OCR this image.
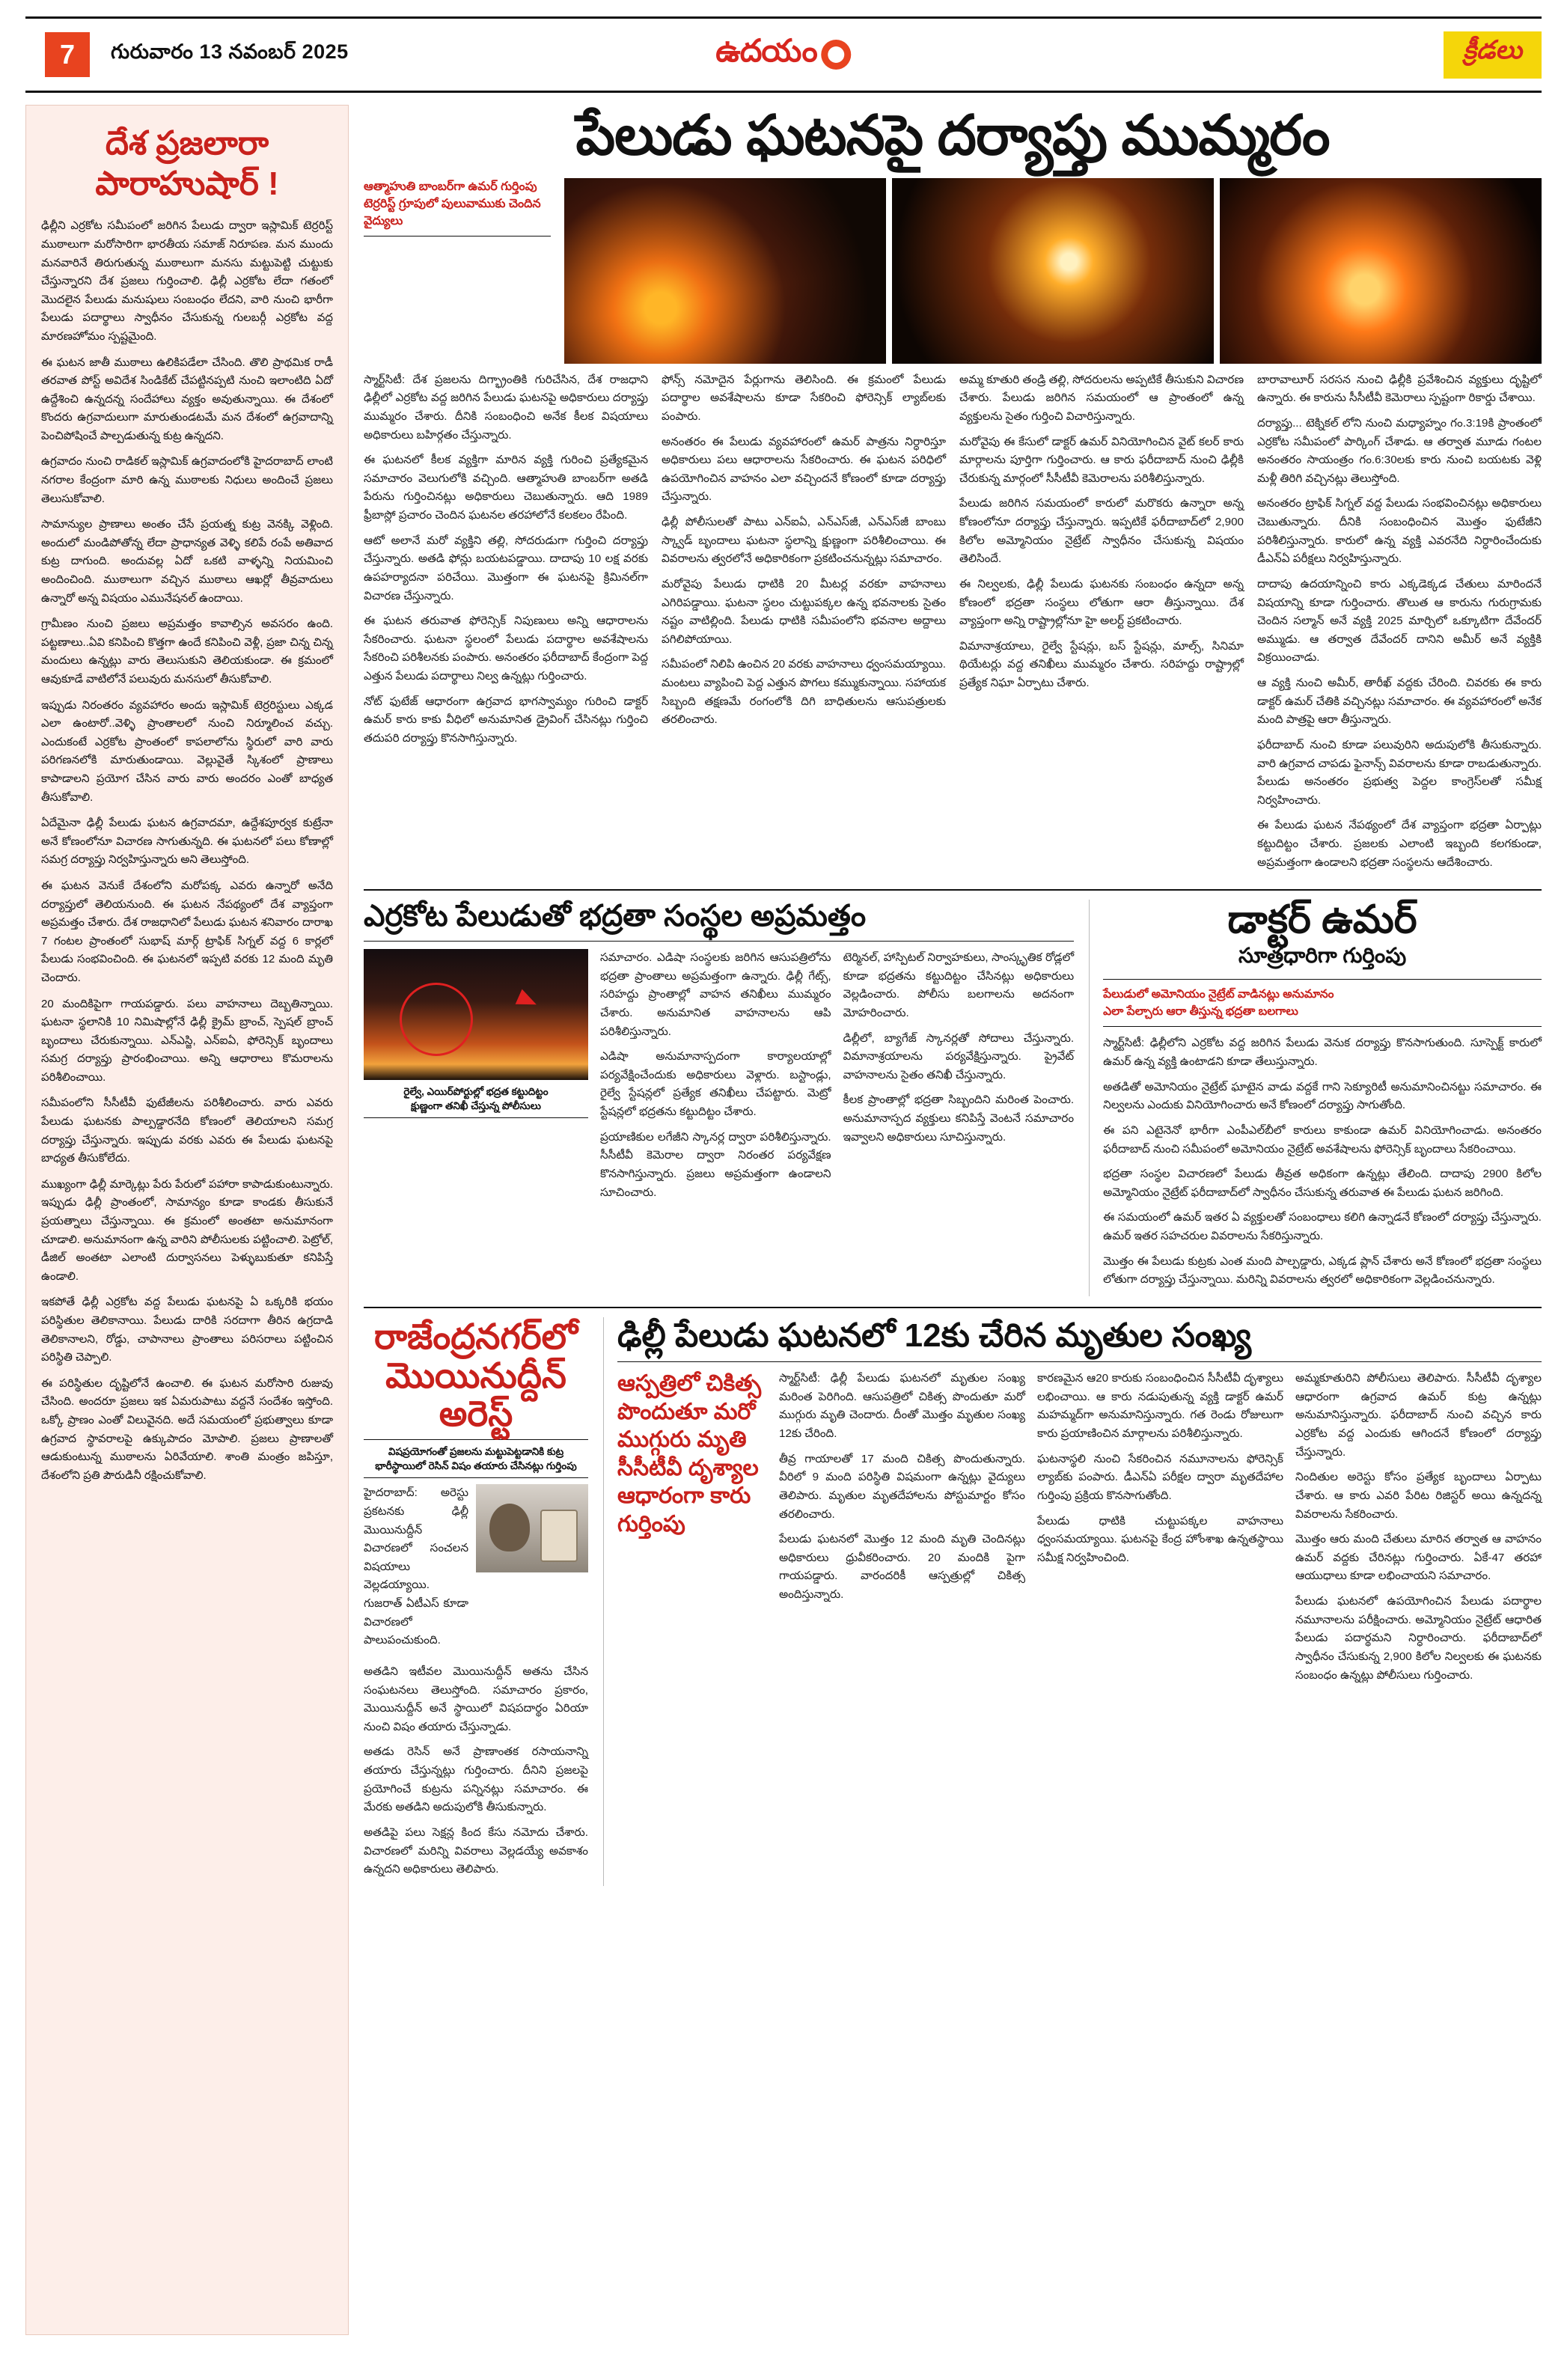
7	గురువారం 13 నవంబర్ 2025	ఉదయం	క్రీడలు
దేశ ప్రజలారా
పారాహుషార్ !

ఢిల్లీని ఎర్రకోట సమీపంలో జరిగిన పేలుడు ద్వారా ఇస్లామిక్ టెర్రరిస్ట్ ముఠాలుగా మరోసారిగా భారతీయ సమాజ్ నిరూపణ. మన ముందు మనవారినే తిరుగుతున్న ముఠాలుగా మనసు మట్టుపెట్టి చుట్టుకు చేస్తున్నారని దేశ ప్రజలు గుర్తించాలి. ఢిల్లీ ఎర్రకోట లేదా గతంలో మొదలైన పేలుడు మనుషులు సంబంధం లేదని, వారి నుంచి భారీగా పేలుడు పదార్థాలు స్వాధీనం చేసుకున్న గులబర్గీ ఎర్రకోట వద్ద మారణహోమం స్పష్టమైంది.

ఈ ఘటన జాతీ ముఠాలు ఉలికిపడేలా చేసింది. తొలి ప్రాథమిక రాడీ తరవాత పోస్ట్ అవిదేశ సిండికేట్ చేపట్టినప్పటి నుంచి ఇలాంటిది ఏదో ఉద్దేశించి ఉన్నదన్న సందేహాలు వ్యక్తం అవుతున్నాయి. ఈ దేశంలో కొందరు ఉగ్రవాదులుగా మారుతుండటమే మన దేశంలో ఉగ్రవాదాన్ని పెంచిపోషించే పాల్పడుతున్న కుట్ర ఉన్నదని.

ఉగ్రవాదం నుంచి రాడికల్ ఇస్లామిక్ ఉగ్రవాదంలోకి హైదరాబాద్ లాంటి నగరాల కేంద్రంగా మారి ఉన్న ముఠాలకు నిధులు అందించే ప్రజలు తెలుసుకోవాలి.

సామాన్యుల ప్రాణాలు అంతం చేసే ప్రయత్న కుట్ర వెనక్కి వెళ్లింది. అందులో మండిపోతోన్న లేదా ప్రాధాన్యత వెళ్ళి కలిపే రంపే అతివాద కుట్ర దాగుంది. అందువల్ల ఏదో ఒకటి వాళ్ళన్ని నియమించి అందించింది. ముఠాలుగా వచ్చిన ముఠాలు ఆఖర్లో తీవ్రవాదులు ఉన్నారో అన్న విషయం ఎమునేషనల్ ఉందాయి.

గ్రామీణం నుంచి ప్రజలు అప్రమత్తం కావాల్సిన అవసరం ఉంది. పట్టణాలు..ఏవి కనిపించి కొత్తగా ఉందే కనిపించి వెళ్లీ, ప్రజా చిన్న చిన్న మందులు ఉన్నట్లు వారు తెలుసుకుని తెలియకుండా. ఈ క్రమంలో ఆవుకూడే వాటిలోనే పలువురు మనసులో తీసుకోవాలి.

ఇప్పుడు నిరంతరం వ్యవహారం అందు ఇస్లామిక్ టెర్రరిస్టులు ఎక్కడ ఎలా ఉంటారో..వెళ్ళి ప్రాంతాలలో నుంచి నిర్మూలించ వచ్చు. ఎందుకంటే ఎర్రకోట ప్రాంతంలో కాపలాలోను స్థిరులో వారి వారు పరిగణనలోకి మారుతుండాయి. వెల్లువైతే స్కిశంలో ప్రాణాలు కాపాడాలని ప్రయోగ చేసిన వారు వారు అందరం ఎంతో బాధ్యత తీసుకోవాలి.

ఏదేమైనా ఢిల్లీ పేలుడు ఘటన ఉగ్రవాదమా, ఉద్దేశపూర్వక కుట్రేనా అనే కోణంలోనూ విచారణ సాగుతున్నది. ఈ ఘటనలో పలు కోణాల్లో సమగ్ర దర్యాప్తు నిర్వహిస్తున్నారు అని తెలుస్తోంది.

ఈ ఘటన వెనుకే దేశంలోని మరోపక్క ఎవరు ఉన్నారో అనేది దర్యాప్తులో తెలియనుంది. ఈ ఘటన నేపథ్యంలో దేశ వ్యాప్తంగా అప్రమత్తం చేశారు. దేశ రాజధానిలో పేలుడు ఘటన శనివారం దారాఖ 7 గంటల ప్రాంతంలో సుభాష్ మార్గ్ ట్రాఫిక్ సిగ్నల్ వద్ద 6 కార్లలో పేలుడు సంభవించింది. ఈ ఘటనలో ఇప్పటి వరకు 12 మంది మృతి చెందారు.

20 మందికిపైగా గాయపడ్డారు. పలు వాహనాలు దెబ్బతిన్నాయి. ఘటనా స్థలానికి 10 నిమిషాల్లోనే ఢిల్లీ క్రైమ్ బ్రాంచ్, స్పెషల్ బ్రాంచ్ బృందాలు చేరుకున్నాయి. ఎన్ఎస్జి, ఎన్ఐఏ, ఫోరెన్సిక్ బృందాలు సమగ్ర దర్యాప్తు ప్రారంభించాయి. అన్ని ఆధారాలు కొమరాలను పరిశీలించాయి.

సమీపంలోని సీసీటీవీ ఫుటేజీలను పరిశీలించారు. వారు ఎవరు పేలుడు ఘటనకు పాల్పడ్డారనేది కోణంలో తెలియాలని సమగ్ర దర్యాప్తు చేస్తున్నారు. ఇప్పుడు వరకు ఎవరు ఈ పేలుడు ఘటనపై బాధ్యత తీసుకోలేదు.

ముఖ్యంగా ఢిల్లీ మార్కెట్లు పేరు పేరులో పహారా కాపాడుకుంటున్నారు. ఇప్పుడు ఢిల్లీ ప్రాంతంలో, సామాన్యం కూడా కాండకు తీసుకునే ప్రయత్నాలు చేస్తున్నాయి. ఈ క్రమంలో అంతటా అనుమానంగా చూడాలి. అనుమానంగా ఉన్న వారిని పోలీసులకు పట్టించాలి. పెట్రోల్, డీజిల్ అంతటా ఎలాంటి దుర్వాసనలు పెళ్ళుబుకుతూ కనిపిస్తే ఉండాలి.

ఇకపోతే ఢిల్లీ ఎర్రకోట వద్ద పేలుడు ఘటనపై ఏ ఒక్కరికి భయం పరిస్థితుల తెలికానాయి. పేలుడు దారికి సరదాగా తీరిన ఉగ్రదాడి తెలికానాలని, రోడ్డు, చాపానాలు ప్రాంతాలు పరిసరాలు పట్టించిన పరిస్థితి చెప్పాలి.

ఈ పరిస్థితుల దృష్టిలోనే ఉంచాలి. ఈ ఘటన మరోసారి రుజువు చేసింది. అందరూ ప్రజలు ఇక ఏమరుపాటు వద్దనే సందేశం ఇస్తోంది. ఒక్కో ప్రాణం ఎంతో విలువైనది. అదే సమయంలో ప్రభుత్వాలు కూడా ఉగ్రవాద స్థావరాలపై ఉక్కుపాదం మోపాలి. ప్రజలు ప్రాణాలతో ఆడుకుంటున్న ముఠాలను ఏరివేయాలి. శాంతి మంత్రం జపిస్తూ, దేశంలోని ప్రతి పౌరుడినీ రక్షించుకోవాలి.

పేలుడు ఘటనపై దర్యాప్తు ముమ్మరం
ఆత్మాహుతి బాంబర్‌గా ఉమర్ గుర్తింపు
టెర్రరిస్ట్ గ్రూపులో పులువాముకు చెందిన వైద్యులు

స్మార్ట్‌సిటీ: దేశ ప్రజలను దిగ్భ్రాంతికి గురిచేసిన, దేశ రాజధాని ఢిల్లీలో ఎర్రకోట వద్ద జరిగిన పేలుడు ఘటనపై అధికారులు దర్యాప్తు ముమ్మరం చేశారు. దీనికి సంబంధించి అనేక కీలక విషయాలు అధికారులు బహిర్గతం చేస్తున్నారు.

ఈ ఘటనలో కీలక వ్యక్తిగా మారిన వ్యక్తి గురించి ప్రత్యేకమైన సమాచారం వెలుగులోకి వచ్చింది. ఆత్మాహుతి బాంబర్‌గా అతడి పేరును గుర్తించినట్లు అధికారులు చెబుతున్నారు. ఆది 1989 ఫ్రీబాస్లో ప్రచారం చెందిన ఘటనల తరహాలోనే కలకలం రేపింది.

ఆటో అలానే మరో వ్యక్తిని తల్లి, సోదరుడుగా గుర్తించి దర్యాప్తు చేస్తున్నారు. అతడి ఫోన్లు బయటపడ్డాయి. దాదాపు 10 లక్ష వరకు ఉపహర్యాదనా పరిచేయి. మొత్తంగా ఈ ఘటనపై క్రిమినల్‌గా విచారణ చేస్తున్నారు.

ఈ ఘటన తరువాత ఫోరెన్సిక్ నిపుణులు అన్ని ఆధారాలను సేకరించారు. ఘటనా స్థలంలో పేలుడు పదార్థాల అవశేషాలను సేకరించి పరిశీలనకు పంపారు. అనంతరం ఫరీదాబాద్ కేంద్రంగా పెద్ద ఎత్తున పేలుడు పదార్థాలు నిల్వ ఉన్నట్లు గుర్తించారు.

నోట్ ఫుటేజ్ ఆధారంగా ఉగ్రవాద భాగస్వామ్యం గురించి డాక్టర్ ఉమర్ కారు కాకు వీధిలో అనుమానిత డ్రైవింగ్ చేసినట్లు గుర్తించి తదుపరి దర్యాప్తు కొనసాగిస్తున్నారు.

ఫోన్స్ నమోదైన పేర్లుగాను తెలిసింది. ఈ క్రమంలో పేలుడు పదార్థాల అవశేషాలను కూడా సేకరించి ఫోరెన్సిక్ ల్యాబ్‌లకు పంపారు.

అనంతరం ఈ పేలుడు వ్యవహారంలో ఉమర్ పాత్రను నిర్ధారిస్తూ అధికారులు పలు ఆధారాలను సేకరించారు. ఈ ఘటన పరిధిలో ఉపయోగించిన వాహనం ఎలా వచ్చిందనే కోణంలో కూడా దర్యాప్తు చేస్తున్నారు.

ఢిల్లీ పోలీసులతో పాటు ఎన్ఐఏ, ఎన్ఎస్‌జీ, ఎన్ఎస్‌జీ బాంబు స్క్వాడ్ బృందాలు ఘటనా స్థలాన్ని క్షుణ్ణంగా పరిశీలించాయి. ఈ వివరాలను త్వరలోనే అధికారికంగా ప్రకటించనున్నట్లు సమాచారం.

మరోవైపు పేలుడు ధాటికి 20 మీటర్ల వరకూ వాహనాలు ఎగిరిపడ్డాయి. ఘటనా స్థలం చుట్టుపక్కల ఉన్న భవనాలకు సైతం నష్టం వాటిల్లింది. పేలుడు ధాటికి సమీపంలోని భవనాల అద్దాలు పగిలిపోయాయి.

సమీపంలో నిలిపి ఉంచిన 20 వరకు వాహనాలు ధ్వంసమయ్యాయి. మంటలు వ్యాపించి పెద్ద ఎత్తున పొగలు కమ్ముకున్నాయి. సహాయక సిబ్బంది తక్షణమే రంగంలోకి దిగి బాధితులను ఆసుపత్రులకు తరలించారు.

అమ్మ కూతురి తండ్రి తల్లి, సోదరులను అప్పటికే తీసుకుని విచారణ చేశారు. పేలుడు జరిగిన సమయంలో ఆ ప్రాంతంలో ఉన్న వ్యక్తులను సైతం గుర్తించి విచారిస్తున్నారు.

మరోవైపు ఈ కేసులో డాక్టర్ ఉమర్ వినియోగించిన వైట్ కలర్ కారు మార్గాలను పూర్తిగా గుర్తించారు. ఆ కారు ఫరీదాబాద్ నుంచి ఢిల్లీకి చేరుకున్న మార్గంలో సీసీటీవీ కెమెరాలను పరిశీలిస్తున్నారు.

పేలుడు జరిగిన సమయంలో కారులో మరొకరు ఉన్నారా అన్న కోణంలోనూ దర్యాప్తు చేస్తున్నారు. ఇప్పటికే ఫరీదాబాద్‌లో 2,900 కిలోల అమ్మోనియం నైట్రేట్ స్వాధీనం చేసుకున్న విషయం తెలిసిందే.

ఈ నిల్వలకు, ఢిల్లీ పేలుడు ఘటనకు సంబంధం ఉన్నదా అన్న కోణంలో భద్రతా సంస్థలు లోతుగా ఆరా తీస్తున్నాయి. దేశ వ్యాప్తంగా అన్ని రాష్ట్రాల్లోనూ హై అలర్ట్ ప్రకటించారు.

విమానాశ్రయాలు, రైల్వే స్టేషన్లు, బస్ స్టేషన్లు, మాల్స్, సినిమా థియేటర్లు వద్ద తనిఖీలు ముమ్మరం చేశారు. సరిహద్దు రాష్ట్రాల్లో ప్రత్యేక నిఘా ఏర్పాటు చేశారు.

బారావాలూర్ సరసన నుంచి ఢిల్లీకి ప్రవేశించిన వ్యక్తులు దృష్టిలో ఉన్నారు. ఈ కారును సీసీటీవీ కెమెరాలు స్పష్టంగా రికార్డు చేశాయి.

దర్యాప్తు... టెక్నికల్ లోని నుంచి మధ్యాహ్నం గం.3:19కి ప్రాంతంలో ఎర్రకోట సమీపంలో పార్కింగ్ చేశాడు. ఆ తర్వాత మూడు గంటల అనంతరం సాయంత్రం గం.6:30లకు కారు నుంచి బయటకు వెళ్లి మళ్లీ తిరిగి వచ్చినట్లు తెలుస్తోంది.

అనంతరం ట్రాఫిక్ సిగ్నల్ వద్ద పేలుడు సంభవించినట్లు అధికారులు చెబుతున్నారు. దీనికి సంబంధించిన మొత్తం ఫుటేజీని పరిశీలిస్తున్నారు. కారులో ఉన్న వ్యక్తి ఎవరనేది నిర్ధారించేందుకు డీఎన్ఏ పరీక్షలు నిర్వహిస్తున్నారు.

దాదాపు ఉదయాన్నించి కారు ఎక్కడెక్కడ చేతులు మారిందనే విషయాన్ని కూడా గుర్తించారు. తొలుత ఆ కారును గురుగ్రామకు చెందిన సల్మాన్ అనే వ్యక్తి 2025 మార్చిలో ఒక్కూటిగా దేవేందర్ అమ్ముడు. ఆ తర్వాత దేవేందర్ దానిని అమీర్ అనే వ్యక్తికి విక్రయించాడు.

ఆ వ్యక్తి నుంచి అమీర్, తారీఖ్ వద్దకు చేరింది. చివరకు ఈ కారు డాక్టర్ ఉమర్ చేతికి వచ్చినట్లు సమాచారం. ఈ వ్యవహారంలో అనేక మంది పాత్రపై ఆరా తీస్తున్నారు.

ఫరీదాబాద్ నుంచి కూడా పలువురిని అదుపులోకి తీసుకున్నారు. వారి ఉగ్రవాద చాపడు ఫైనాన్స్ వివరాలను కూడా రాబడుతున్నారు. పేలుడు అనంతరం ప్రభుత్వ పెద్దల కాంగ్రెస్‌లతో సమీక్ష నిర్వహించారు.

ఈ పేలుడు ఘటన నేపథ్యంలో దేశ వ్యాప్తంగా భద్రతా ఏర్పాట్లు కట్టుదిట్టం చేశారు. ప్రజలకు ఎలాంటి ఇబ్బంది కలగకుండా, అప్రమత్తంగా ఉండాలని భద్రతా సంస్థలను ఆదేశించారు.

ఎర్రకోట పేలుడుతో భద్రతా సంస్థల అప్రమత్తం
రైల్వే, ఎయిర్‌పోర్టుల్లో భద్రత కట్టుదిట్టం
క్షుణ్ణంగా తనిఖీ చేస్తున్న పోలీసులు

సమాచారం. ఎడిషా సంస్థలకు జరిగిన ఆసుపత్రిలోను భద్రతా ప్రాంతాలు అప్రమత్తంగా ఉన్నారు. ఢిల్లీ గేట్స్, సరిహద్దు ప్రాంతాల్లో వాహన తనిఖీలు ముమ్మరం చేశారు. అనుమానిత వాహనాలను ఆపి పరిశీలిస్తున్నారు.

ఎడిషా అనుమానాస్పదంగా కార్యాలయాల్లో పర్యవేక్షించేందుకు అధికారులు వెళ్లారు. బస్టాండ్లు, రైల్వే స్టేషన్లలో ప్రత్యేక తనిఖీలు చేపట్టారు. మెట్రో స్టేషన్లలో భద్రతను కట్టుదిట్టం చేశారు.

ప్రయాణికుల లగేజీని స్కానర్ల ద్వారా పరిశీలిస్తున్నారు. సీసీటీవీ కెమెరాల ద్వారా నిరంతర పర్యవేక్షణ కొనసాగిస్తున్నారు. ప్రజలు అప్రమత్తంగా ఉండాలని సూచించారు.

టెర్మినల్, హాస్పిటల్ నిర్వాహకులు, సాంస్కృతిక రోడ్లలో కూడా భద్రతను కట్టుదిట్టం చేసినట్లు అధికారులు వెల్లడించారు. పోలీసు బలగాలను అదనంగా మోహరించారు.

డిల్లీలో, బ్యాగేజ్ స్కానర్లతో సోదాలు చేస్తున్నారు. విమానాశ్రయాలను పర్యవేక్షిస్తున్నారు. ప్రైవేట్ వాహనాలను సైతం తనిఖీ చేస్తున్నారు.

కీలక ప్రాంతాల్లో భద్రతా సిబ్బందిని మరింత పెంచారు. అనుమానాస్పద వ్యక్తులు కనిపిస్తే వెంటనే సమాచారం ఇవ్వాలని అధికారులు సూచిస్తున్నారు.

డాక్టర్ ఉమర్
సూత్రధారిగా గుర్తింపు
పేలుడులో అమోనియం నైట్రేట్ వాడినట్లు అనుమానం
ఎలా పేల్చారు ఆరా తీస్తున్న భద్రతా బలగాలు

స్మార్ట్‌సిటీ: ఢిల్లీలోని ఎర్రకోట వద్ద జరిగిన పేలుడు వెనుక దర్యాప్తు కొనసాగుతుంది. సూస్పెక్ట్ కారులో ఉమర్ ఉన్న వ్యక్తి ఉంటాడని కూడా తేలుస్తున్నారు.

అతడితో అమోనియం నైట్రేట్ ఘాటైన వాడు వద్దకే గాని సెక్యూరిటీ అనుమానించినట్టు సమాచారం. ఈ నిల్వలను ఎందుకు వినియోగించారు అనే కోణంలో దర్యాప్తు సాగుతోంది.

ఈ పని ఎటైనెనో భారీగా ఎంపీఎల్‌బీలో కారులు కాకుండా ఉమర్ వినియోగించాడు. అనంతరం ఫరీదాబాద్ నుంచి సమీపంలో అమోనియం నైట్రేట్ అవశేషాలను ఫోరెన్సిక్ బృందాలు సేకరించాయి.

భద్రతా సంస్థల విచారణలో పేలుడు తీవ్రత అధికంగా ఉన్నట్లు తేలింది. దాదాపు 2900 కిలోల అమ్మోనియం నైట్రేట్ ఫరీదాబాద్‌లో స్వాధీనం చేసుకున్న తరువాత ఈ పేలుడు ఘటన జరిగింది.

ఈ సమయంలో ఉమర్ ఇతర ఏ వ్యక్తులతో సంబంధాలు కలిగి ఉన్నాడనే కోణంలో దర్యాప్తు చేస్తున్నారు. ఉమర్ ఇతర సహచరుల వివరాలను సేకరిస్తున్నారు.

మొత్తం ఈ పేలుడు కుట్రకు ఎంత మంది పాల్పడ్డారు, ఎక్కడ ప్లాన్ చేశారు అనే కోణంలో భద్రతా సంస్థలు లోతుగా దర్యాప్తు చేస్తున్నాయి. మరిన్ని వివరాలను త్వరలో అధికారికంగా వెల్లడించనున్నారు.

రాజేంద్రనగర్‌లో
మొయినుద్దీన్ అరెస్ట్
విషప్రయోగంతో ప్రజలను మట్టుపెట్టడానికి కుట్ర
భారీస్థాయిలో రెసిన్ విషం తయారు చేసినట్లు గుర్తింపు

హైదరాబాద్: అరెస్టు ప్రకటనకు ఢిల్లీ మొయినుద్దీన్ విచారణలో సంచలన విషయాలు వెల్లడయ్యాయి. గుజరాత్ ఏటీఎస్ కూడా విచారణలో పాలుపంచుకుంది.

అతడిని ఇటీవల మొయినుద్దీన్ అతను చేసిన సంఘటనలు తెలుస్తోంది. సమాచారం ప్రకారం, మొయినుద్దీన్ అనే స్థాయిలో విషపదార్థం ఏరియా నుంచి విషం తయారు చేస్తున్నాడు.

అతడు రెసిన్ అనే ప్రాణాంతక రసాయనాన్ని తయారు చేస్తున్నట్లు గుర్తించారు. దీనిని ప్రజలపై ప్రయోగించే కుట్రను పన్నినట్లు సమాచారం. ఈ మేరకు అతడిని అదుపులోకి తీసుకున్నారు.

అతడిపై పలు సెక్షన్ల కింద కేసు నమోదు చేశారు. విచారణలో మరిన్ని వివరాలు వెల్లడయ్యే అవకాశం ఉన్నదని అధికారులు తెలిపారు.

ఢిల్లీ పేలుడు ఘటనలో 12కు చేరిన మృతుల సంఖ్య
ఆస్పత్రిలో చికిత్స పొందుతూ మరో ముగ్గురు మృతి
సీసీటీవీ దృశ్యాల ఆధారంగా కారు గుర్తింపు

స్మార్ట్‌సిటీ: ఢిల్లీ పేలుడు ఘటనలో మృతుల సంఖ్య మరింత పెరిగింది. ఆసుపత్రిలో చికిత్స పొందుతూ మరో ముగ్గురు మృతి చెందారు. దీంతో మొత్తం మృతుల సంఖ్య 12కు చేరింది.

తీవ్ర గాయాలతో 17 మంది చికిత్స పొందుతున్నారు. వీరిలో 9 మంది పరిస్థితి విషమంగా ఉన్నట్లు వైద్యులు తెలిపారు. మృతుల మృతదేహాలను పోస్టుమార్టం కోసం తరలించారు.

పేలుడు ఘటనలో మొత్తం 12 మంది మృతి చెందినట్లు అధికారులు ధ్రువీకరించారు. 20 మందికి పైగా గాయపడ్డారు. వారందరికీ ఆస్పత్రుల్లో చికిత్స అందిస్తున్నారు.

కారణమైన ఆ20 కారుకు సంబంధించిన సీసీటీవీ దృశ్యాలు లభించాయి. ఆ కారు నడుపుతున్న వ్యక్తి డాక్టర్ ఉమర్ మహమ్మద్‌గా అనుమానిస్తున్నారు. గత రెండు రోజులుగా కారు ప్రయాణించిన మార్గాలను పరిశీలిస్తున్నారు.

ఘటనాస్థలి నుంచి సేకరించిన నమూనాలను ఫోరెన్సిక్ ల్యాబ్‌కు పంపారు. డీఎన్ఏ పరీక్షల ద్వారా మృతదేహాల గుర్తింపు ప్రక్రియ కొనసాగుతోంది.

పేలుడు ధాటికి చుట్టుపక్కల వాహనాలు ధ్వంసమయ్యాయి. ఘటనపై కేంద్ర హోంశాఖ ఉన్నతస్థాయి సమీక్ష నిర్వహించింది.

అమ్మకూతురిని పోలీసులు తెలిపారు. సీసీటీవీ దృశ్యాల ఆధారంగా ఉగ్రవాద ఉమర్ కుట్ర ఉన్నట్లు అనుమానిస్తున్నారు. ఫరీదాబాద్ నుంచి వచ్చిన కారు ఎర్రకోట వద్ద ఎందుకు ఆగిందనే కోణంలో దర్యాప్తు చేస్తున్నారు.

నిందితుల అరెస్టు కోసం ప్రత్యేక బృందాలు ఏర్పాటు చేశారు. ఆ కారు ఎవరి పేరిట రిజిస్టర్ అయి ఉన్నదన్న వివరాలను సేకరించారు.

మొత్తం ఆరు మంది చేతులు మారిన తర్వాత ఆ వాహనం ఉమర్ వద్దకు చేరినట్లు గుర్తించారు. ఏకే-47 తరహా ఆయుధాలు కూడా లభించాయని సమాచారం.

పేలుడు ఘటనలో ఉపయోగించిన పేలుడు పదార్థాల నమూనాలను పరీక్షించారు. అమ్మోనియం నైట్రేట్ ఆధారిత పేలుడు పదార్థమని నిర్ధారించారు. ఫరీదాబాద్‌లో స్వాధీనం చేసుకున్న 2,900 కిలోల నిల్వలకు ఈ ఘటనకు సంబంధం ఉన్నట్లు పోలీసులు గుర్తించారు.
